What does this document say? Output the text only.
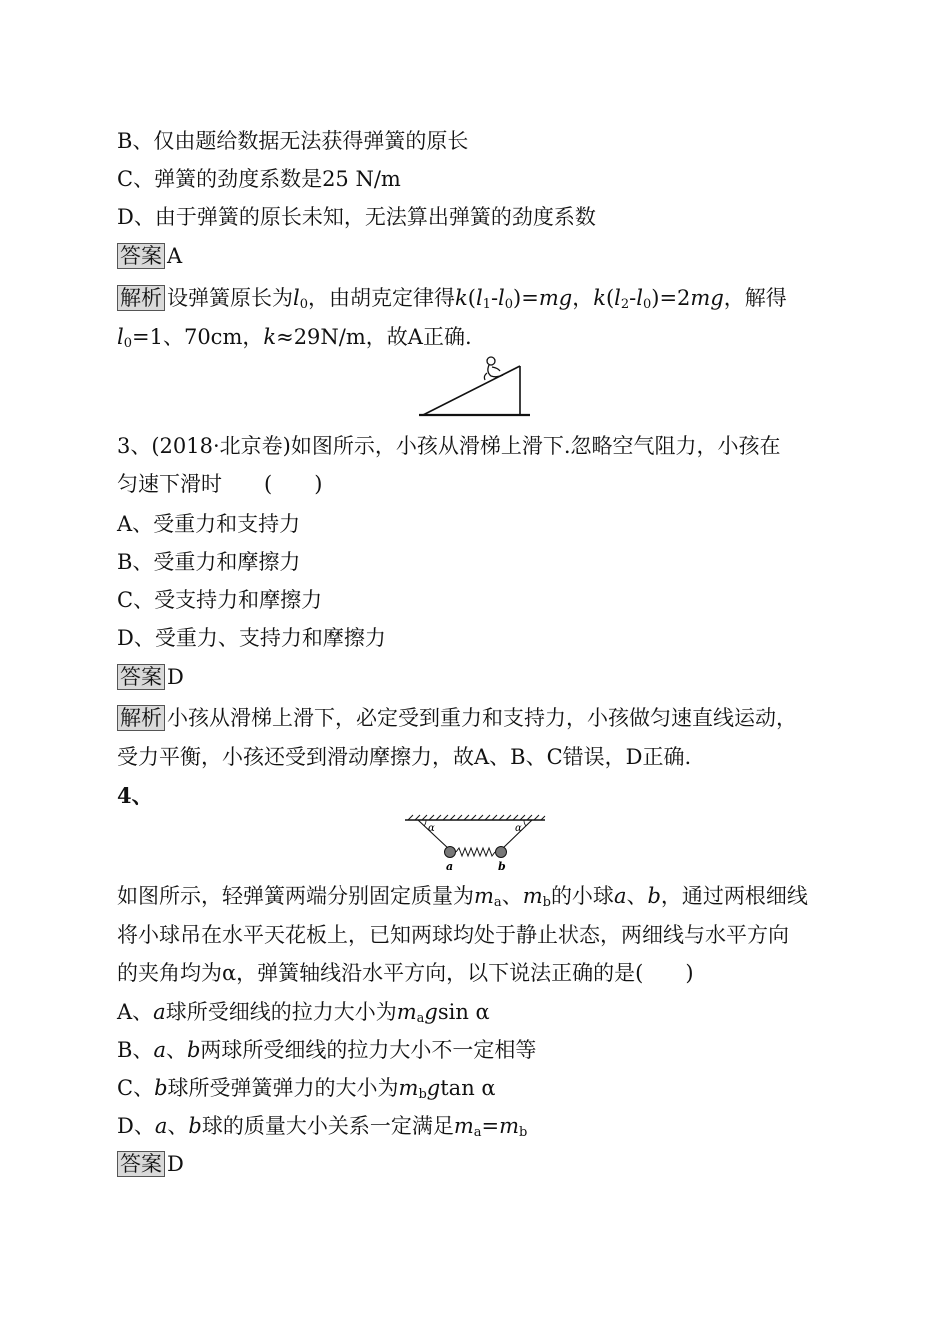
B、仅由题给数据无法获得弹簧的原长
C、弹簧的劲度系数是25 N/m
D、由于弹簧的原长未知，无法算出弹簧的劲度系数
答案 A
解析 设弹簧原长为$l_0$，由胡克定律得$k(l_1-l_0)=mg$，$k(l_2-l_0)=2mg$，解得
$l_0=1$、70cm，k≈29N/m，故A正确.
3、(2018·北京卷)如图所示，小孩从滑梯上滑下.忽略空气阻力，小孩在
匀速下滑时　　(　　)
A、受重力和支持力
B、受重力和摩擦力
C、受支持力和摩擦力
D、受重力、支持力和摩擦力
答案 D
解析 小孩从滑梯上滑下，必定受到重力和支持力，小孩做匀速直线运动，
受力平衡，小孩还受到滑动摩擦力，故A、B、C错误，D正确.
4、
α	α
a	b
如图所示，轻弹簧两端分别固定质量为$m_a$、$m_b$的小球a、b，通过两根细线
将小球吊在水平天花板上，已知两球均处于静止状态，两细线与水平方向
的夹角均为α，弹簧轴线沿水平方向，以下说法正确的是(　　)
A、a球所受细线的拉力大小为$m_agsin$ α
B、a、b两球所受细线的拉力大小不一定相等
C、b球所受弹簧弹力的大小为$m_bgtan$ α
D、a、b球的质量大小关系一定满足$m_a=m_b$
答案 D
